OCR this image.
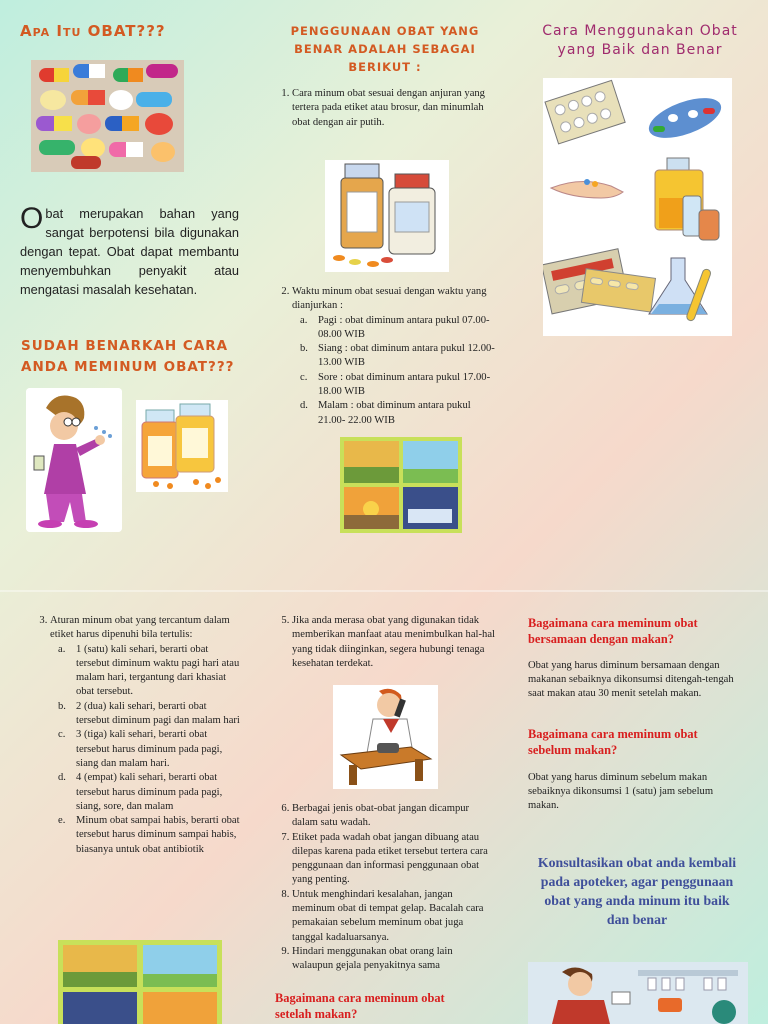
Apa Itu OBAT???
Obat merupakan bahan yang sangat berpotensi bila digunakan dengan tepat. Obat dapat membantu menyembuhkan penyakit atau mengatasi masalah kesehatan.
SUDAH BENARKAH CARA
ANDA MEMINUM OBAT???
PENGGUNAAN OBAT YANG
BENAR ADALAH SEBAGAI
BERIKUT :
1. Cara minum obat sesuai dengan anjuran yang tertera pada etiket atau brosur, dan minumlah obat dengan air putih.
2. Waktu minum obat sesuai dengan waktu yang dianjurkan :
a. Pagi : obat diminum antara pukul 07.00- 08.00 WIB
b. Siang : obat diminum antara pukul 12.00- 13.00 WIB
c. Sore : obat diminum antara pukul 17.00- 18.00 WIB
d. Malam : obat diminum antara pukul 21.00- 22.00 WIB
Cara Menggunakan Obat
yang Baik dan Benar
3. Aturan minum obat yang tercantum dalam etiket harus dipenuhi bila tertulis:
a. 1 (satu) kali sehari, berarti obat tersebut diminum waktu pagi hari atau malam hari, tergantung dari khasiat obat tersebut.
b. 2 (dua) kali sehari, berarti obat tersebut diminum pagi dan malam hari
c. 3 (tiga) kali sehari, berarti obat tersebut harus diminum pada pagi, siang dan malam hari.
d. 4 (empat) kali sehari, berarti obat tersebut harus diminum pada pagi, siang, sore, dan malam
e. Minum obat sampai habis, berarti obat tersebut harus diminum sampai habis, biasanya untuk obat antibiotik
5. Jika anda merasa obat yang digunakan tidak memberikan manfaat atau menimbulkan hal-hal yang tidak diinginkan, segera hubungi tenaga kesehatan terdekat.
6. Berbagai jenis obat-obat jangan dicampur dalam satu wadah.
7. Etiket pada wadah obat jangan dibuang atau dilepas karena pada etiket tersebut tertera cara penggunaan dan informasi penggunaan obat yang penting.
8. Untuk menghindari kesalahan, jangan meminum obat di tempat gelap. Bacalah cara pemakaian sebelum meminum obat juga tanggal kadaluarsanya.
9. Hindari menggunakan obat orang lain walaupun gejala penyakitnya sama
Bagaimana cara meminum obat setelah makan?
Bagaimana cara meminum obat bersamaan dengan makan?
Obat yang harus diminum bersamaan dengan makanan sebaiknya dikonsumsi ditengah-tengah saat makan atau 30 menit setelah makan.
Bagaimana cara meminum obat sebelum makan?
Obat yang harus diminum sebelum makan sebaiknya dikonsumsi 1 (satu) jam sebelum makan.
Konsultasikan obat anda kembali pada apoteker, agar penggunaan obat yang anda minum itu baik dan benar
